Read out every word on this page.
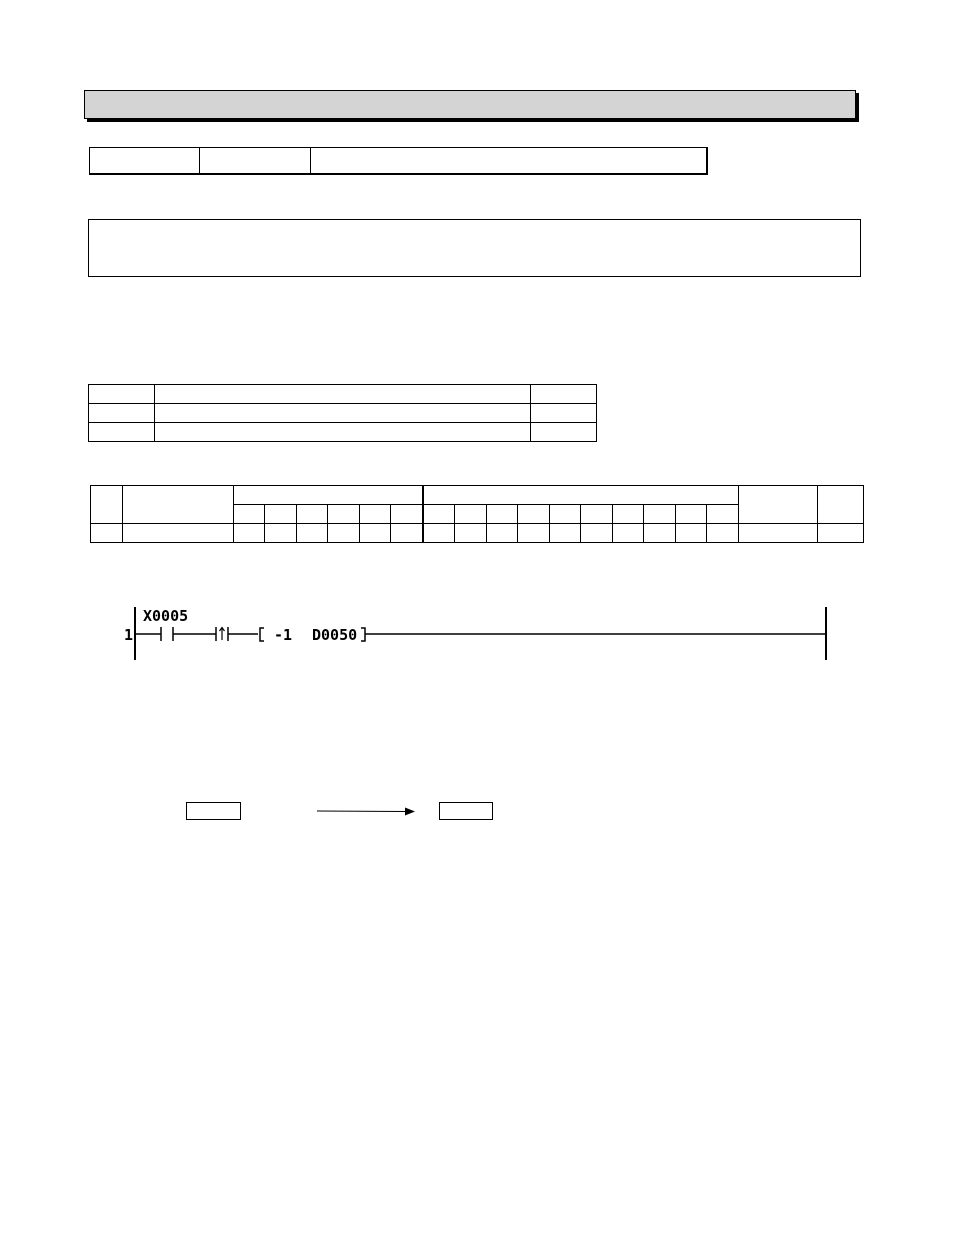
1
X0005
-1 D0050
